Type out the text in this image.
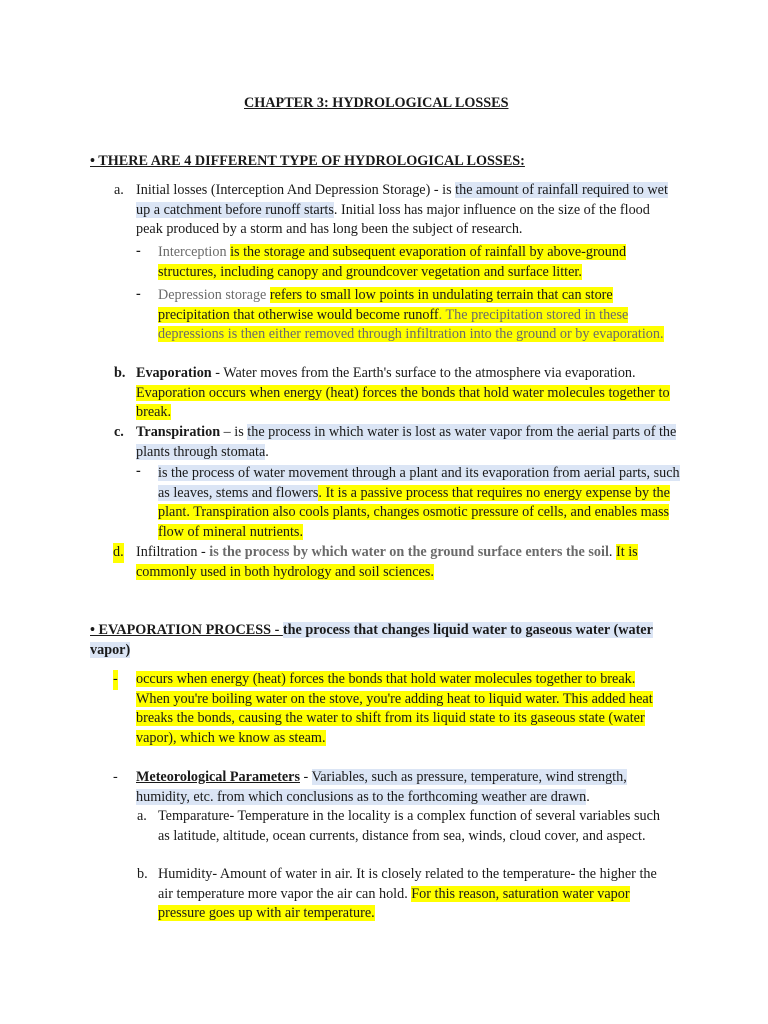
CHAPTER 3: HYDROLOGICAL LOSSES
• THERE ARE 4 DIFFERENT TYPE OF HYDROLOGICAL LOSSES:
a. Initial losses (Interception And Depression Storage) - is the amount of rainfall required to wet up a catchment before runoff starts. Initial loss has major influence on the size of the flood peak produced by a storm and has long been the subject of research.
- Interception is the storage and subsequent evaporation of rainfall by above-ground structures, including canopy and groundcover vegetation and surface litter.
- Depression storage refers to small low points in undulating terrain that can store precipitation that otherwise would become runoff. The precipitation stored in these depressions is then either removed through infiltration into the ground or by evaporation.
b. Evaporation - Water moves from the Earth's surface to the atmosphere via evaporation. Evaporation occurs when energy (heat) forces the bonds that hold water molecules together to break.
c. Transpiration – is the process in which water is lost as water vapor from the aerial parts of the plants through stomata.
- is the process of water movement through a plant and its evaporation from aerial parts, such as leaves, stems and flowers. It is a passive process that requires no energy expense by the plant. Transpiration also cools plants, changes osmotic pressure of cells, and enables mass flow of mineral nutrients.
d. Infiltration - is the process by which water on the ground surface enters the soil. It is commonly used in both hydrology and soil sciences.
• EVAPORATION PROCESS - the process that changes liquid water to gaseous water (water vapor)
- occurs when energy (heat) forces the bonds that hold water molecules together to break. When you're boiling water on the stove, you're adding heat to liquid water. This added heat breaks the bonds, causing the water to shift from its liquid state to its gaseous state (water vapor), which we know as steam.
- Meteorological Parameters - Variables, such as pressure, temperature, wind strength, humidity, etc. from which conclusions as to the forthcoming weather are drawn.
a. Temparature- Temperature in the locality is a complex function of several variables such as latitude, altitude, ocean currents, distance from sea, winds, cloud cover, and aspect.
b. Humidity- Amount of water in air. It is closely related to the temperature- the higher the air temperature more vapor the air can hold. For this reason, saturation water vapor pressure goes up with air temperature.
